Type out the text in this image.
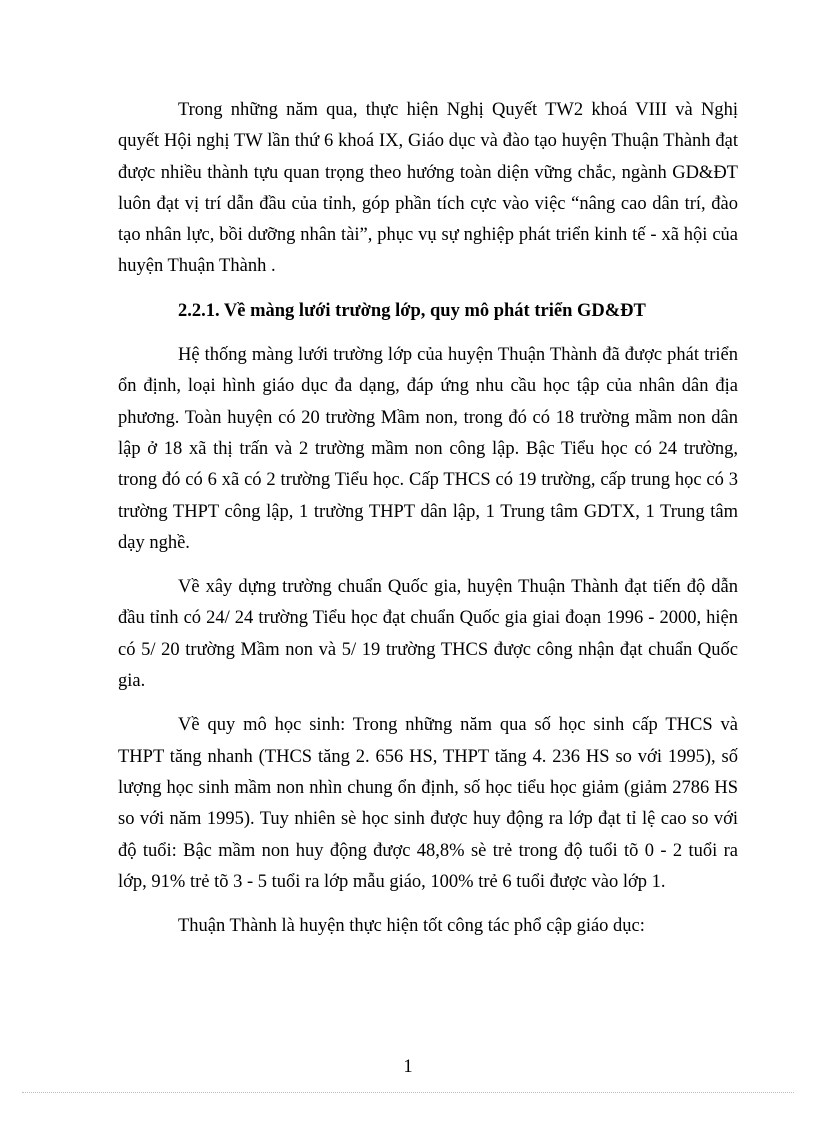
Trong những năm qua, thực hiện Nghị Quyết TW2 khoá VIII và Nghị quyết Hội nghị TW lần thứ 6 khoá IX, Giáo dục và đào tạo huyện Thuận Thành đạt được nhiều thành tựu quan trọng theo hướng toàn diện vững chắc, ngành GD&ĐT luôn đạt vị trí dẫn đầu của tỉnh, góp phần tích cực vào việc “nâng cao dân trí, đào tạo nhân lực, bồi dưỡng nhân tài”, phục vụ sự nghiệp phát triển kinh tế - xã hội của huyện Thuận Thành .

2.2.1. Về màng lưới trường lớp, quy mô phát triển GD&ĐT

Hệ thống màng lưới trường lớp của huyện Thuận Thành đã được phát triển ổn định, loại hình giáo dục đa dạng, đáp ứng nhu cầu học tập của nhân dân địa phương. Toàn huyện có 20 trường Mầm non, trong đó có 18 trường mầm non dân lập ở 18 xã thị trấn và 2 trường mầm non công lập. Bậc Tiểu học có 24 trường, trong đó có 6 xã có 2 trường Tiểu học. Cấp THCS có 19 trường, cấp trung học có 3 trường THPT công lập, 1 trường THPT dân lập, 1 Trung tâm GDTX, 1 Trung tâm dạy nghề.

Về xây dựng trường chuẩn Quốc gia, huyện Thuận Thành đạt tiến độ dẫn đầu tỉnh có 24/ 24 trường Tiểu học đạt chuẩn Quốc gia giai đoạn 1996 - 2000, hiện có 5/ 20 trường Mầm non và 5/ 19 trường THCS được công nhận đạt chuẩn Quốc gia.

Về quy mô học sinh: Trong những năm qua số học sinh cấp THCS và THPT tăng nhanh (THCS tăng 2. 656 HS, THPT tăng 4. 236 HS so với 1995), số lượng học sinh mầm non nhìn chung ổn định, số học tiểu học giảm (giảm 2786 HS so với năm 1995). Tuy nhiên sè học sinh được huy động ra lớp đạt tỉ lệ cao so với độ tuổi: Bậc mầm non huy động được 48,8% sè trẻ trong độ tuổi tõ 0 - 2 tuổi ra lớp, 91% trẻ tõ 3 - 5 tuổi ra lớp mẫu giáo, 100% trẻ 6 tuổi được vào lớp 1.

Thuận Thành là huyện thực hiện tốt công tác phổ cập giáo dục:

1
